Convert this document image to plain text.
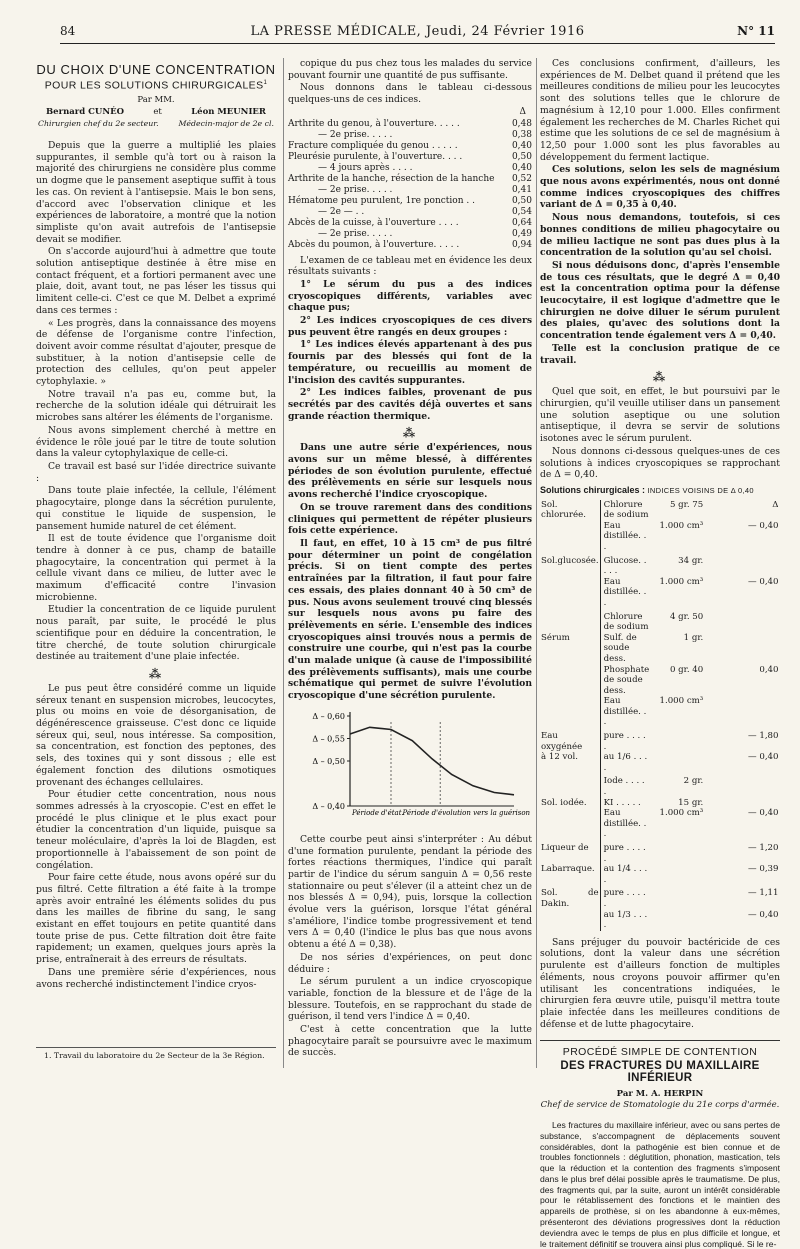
84	LA PRESSE MÉDICALE, Jeudi, 24 Février 1916	N° 11
DU CHOIX D'UNE CONCENTRATION
POUR LES SOLUTIONS CHIRURGICALES$^1$
Par MM.
Bernard CUNÉO	et	Léon MEUNIER
Chirurgien chef du 2e secteur.	Médecin-major de 2e cl.

Depuis que la guerre a multiplié les plaies suppurantes, il semble qu'à tort ou à raison la majorité des chirurgiens ne considère plus comme un dogme que le pansement aseptique suffit à tous les cas. On revient à l'antisepsie. Mais le bon sens, d'accord avec l'observation clinique et les expériences de laboratoire, a montré que la notion simpliste qu'on avait autrefois de l'antisepsie devait se modifier.

On s'accorde aujourd'hui à admettre que toute solution antiseptique destinée à être mise en contact fréquent, et a fortiori permanent avec une plaie, doit, avant tout, ne pas léser les tissus qui limitent celle-ci. C'est ce que M. Delbet a exprimé dans ces termes :

« Les progrès, dans la connaissance des moyens de défense de l'organisme contre l'infection, doivent avoir comme résultat d'ajouter, presque de substituer, à la notion d'antisepsie celle de protection des cellules, qu'on peut appeler cytophylaxie. »

Notre travail n'a pas eu, comme but, la recherche de la solution idéale qui détruirait les microbes sans altérer les éléments de l'organisme.

Nous avons simplement cherché à mettre en évidence le rôle joué par le titre de toute solution dans la valeur cytophylaxique de celle-ci.

Ce travail est basé sur l'idée directrice suivante :

Dans toute plaie infectée, la cellule, l'élément phagocytaire, plonge dans la sécrétion purulente, qui constitue le liquide de suspension, le pansement humide naturel de cet élément.

Il est de toute évidence que l'organisme doit tendre à donner à ce pus, champ de bataille phagocytaire, la concentration qui permet à la cellule vivant dans ce milieu, de lutter avec le maximum d'efficacité contre l'invasion microbienne.

Etudier la concentration de ce liquide purulent nous paraît, par suite, le procédé le plus scientifique pour en déduire la concentration, le titre cherché, de toute solution chirurgicale destinée au traitement d'une plaie infectée.

⁂

Le pus peut être considéré comme un liquide séreux tenant en suspension microbes, leucocytes, plus ou moins en voie de désorganisation, de dégénérescence graisseuse. C'est donc ce liquide séreux qui, seul, nous intéresse. Sa composition, sa concentration, est fonction des peptones, des sels, des toxines qui y sont dissous ; elle est également fonction des dilutions osmotiques provenant des échanges cellulaires.

Pour étudier cette concentration, nous nous sommes adressés à la cryoscopie. C'est en effet le procédé le plus clinique et le plus exact pour étudier la concentration d'un liquide, puisque sa teneur moléculaire, d'après la loi de Blagden, est proportionnelle à l'abaissement de son point de congélation.

Pour faire cette étude, nous avons opéré sur du pus filtré. Cette filtration a été faite à la trompe après avoir entraîné les éléments solides du pus dans les mailles de fibrine du sang, le sang existant en effet toujours en petite quantité dans toute prise de pus. Cette filtration doit être faite rapidement; un examen, quelques jours après la prise, entraînerait à des erreurs de résultats.

Dans une première série d'expériences, nous avons recherché indistinctement l'indice cryos-

1. Travail du laboratoire du 2e Secteur de la 3e Région.

copique du pus chez tous les malades du service pouvant fournir une quantité de pus suffisante.

Nous donnons dans le tableau ci-dessous quelques-uns de ces indices.

Δ
Arthrite du genou, à l'ouverture. . . . .	0,48
— 2e prise. . . . .	0,38
Fracture compliquée du genou . . . . .	0,40
Pleurésie purulente, à l'ouverture. . . .	0,50
— 4 jours après . . . .	0,40
Arthrite de la hanche, résection de la hanche	0,52
— 2e prise. . . . .	0,41
Hématome peu purulent, 1re ponction . .	0,50
— 2e — . .	0,54
Abcès de la cuisse, à l'ouverture . . . .	0,64
— 2e prise. . . . .	0,49
Abcès du poumon, à l'ouverture. . . . .	0,94

L'examen de ce tableau met en évidence les deux résultats suivants :

1° Le sérum du pus a des indices cryoscopiques différents, variables avec chaque pus;

2° Les indices cryoscopiques de ces divers pus peuvent être rangés en deux groupes :

1° Les indices élevés appartenant à des pus fournis par des blessés qui font de la température, ou recueillis au moment de l'incision des cavités suppurantes.

2° Les indices faibles, provenant de pus secrétés par des cavités déjà ouvertes et sans grande réaction thermique.

⁂

Dans une autre série d'expériences, nous avons sur un même blessé, à différentes périodes de son évolution purulente, effectué des prélèvements en série sur lesquels nous avons recherché l'indice cryoscopique.

On se trouve rarement dans des conditions cliniques qui permettent de répéter plusieurs fois cette expérience.

Il faut, en effet, 10 à 15 cm³ de pus filtré pour déterminer un point de congélation précis. Si on tient compte des pertes entraînées par la filtration, il faut pour faire ces essais, des plaies donnant 40 à 50 cm³ de pus. Nous avons seulement trouvé cinq blessés sur lesquels nous avons pu faire des prélèvements en série. L'ensemble des indices cryoscopiques ainsi trouvés nous a permis de construire une courbe, qui n'est pas la courbe d'un malade unique (à cause de l'impossibilité des prélèvements suffisants), mais une courbe schématique qui permet de suivre l'évolution cryoscopique d'une sécrétion purulente.

Δ – 0,60
Δ – 0,55
Δ – 0,50
Δ – 0,40
Période d'état.
Période d'évolution vers la guérison

Cette courbe peut ainsi s'interpréter : Au début d'une formation purulente, pendant la période des fortes réactions thermiques, l'indice qui paraît partir de l'indice du sérum sanguin Δ = 0,56 reste stationnaire ou peut s'élever (il a atteint chez un de nos blessés Δ = 0,94), puis, lorsque la collection évolue vers la guérison, lorsque l'état général s'améliore, l'indice tombe progressivement et tend vers Δ = 0,40 (l'indice le plus bas que nous avons obtenu a été Δ = 0,38).

De nos séries d'expériences, on peut donc déduire :

Le sérum purulent a un indice cryoscopique variable, fonction de la blessure et de l'âge de la blessure. Toutefois, en se rapprochant du stade de guérison, il tend vers l'indice Δ = 0,40.

C'est à cette concentration que la lutte phagocytaire paraît se poursuivre avec le maximum de succès.

Ces conclusions confirment, d'ailleurs, les expériences de M. Delbet quand il prétend que les meilleures conditions de milieu pour les leucocytes sont des solutions telles que le chlorure de magnésium à 12,10 pour 1.000. Elles confirment également les recherches de M. Charles Richet qui estime que les solutions de ce sel de magnésium à 12,50 pour 1.000 sont les plus favorables au développement du ferment lactique.

Ces solutions, selon les sels de magnésium que nous avons expérimentés, nous ont donné comme indices cryoscopiques des chiffres variant de Δ = 0,35 à 0,40.

Nous nous demandons, toutefois, si ces bonnes conditions de milieu phagocytaire ou de milieu lactique ne sont pas dues plus à la concentration de la solution qu'au sel choisi.

Si nous déduisons donc, d'après l'ensemble de tous ces résultats, que le degré Δ = 0,40 est la concentration optima pour la défense leucocytaire, il est logique d'admettre que le chirurgien ne doive diluer le sérum purulent des plaies, qu'avec des solutions dont la concentration tende également vers Δ = 0,40.

Telle est la conclusion pratique de ce travail.

⁂

Quel que soit, en effet, le but poursuivi par le chirurgien, qu'il veuille utiliser dans un pansement une solution aseptique ou une solution antiseptique, il devra se servir de solutions isotones avec le sérum purulent.

Nous donnons ci-dessous quelques-unes de ces solutions à indices cryoscopiques se rapprochant de Δ = 0,40.

Solutions chirurgicales : INDICES VOISINS DE Δ 0,40
Sol. chlorurée.	Chlorure de sodium	5 gr. 75	Δ
	Eau distillée. . .	1.000 cm³	— 0,40
Sol.glucosée.	Glucose. . . . .	34 gr.	
	Eau distillée. . .	1.000 cm³	— 0,40
	Chlorure de sodium	4 gr. 50	
Sérum	Sulf. de soude dess.	1 gr.	
	Phosphate de soude dess.	0 gr. 40	0,40
	Eau distillée. . .	1.000 cm³	
Eau oxygénée	pure . . . . .		— 1,80
à 12 vol.	au 1/6 . . . .		— 0,40
	Iode . . . . .	2 gr.	
Sol. iodée.	KI . . . . .	15 gr.	
	Eau distillée. . .	1.000 cm³	— 0,40
Liqueur de	pure . . . . .		— 1,20
Labarraque.	au 1/4 . . . .		— 0,39
Sol. de Dakin.	pure . . . . .		— 1,11
	au 1/3 . . . .		— 0,40

Sans préjuger du pouvoir bactéricide de ces solutions, dont la valeur dans une sécrétion purulente est d'ailleurs fonction de multiples éléments, nous croyons pouvoir affirmer qu'en utilisant les concentrations indiquées, le chirurgien fera œuvre utile, puisqu'il mettra toute plaie infectée dans les meilleures conditions de défense et de lutte phagocytaire.

PROCÉDÉ SIMPLE DE CONTENTION
DES FRACTURES DU MAXILLAIRE INFÉRIEUR
Par M. A. HERPIN
Chef de service de Stomatologie du 21e corps d'armée.

Les fractures du maxillaire inférieur, avec ou sans pertes de substance, s'accompagnent de déplacements souvent considérables, dont la pathogénie est bien connue et de troubles fonctionnels : déglutition, phonation, mastication, tels que la réduction et la contention des fragments s'imposent dans le plus bref délai possible après le traumatisme. De plus, des fragments qui, par la suite, auront un intérêt considérable pour le rétablissement des fonctions et le maintien des appareils de prothèse, si on les abandonne à eux-mêmes, présenteront des déviations progressives dont la réduction deviendra avec le temps de plus en plus difficile et longue, et le traitement définitif se trouvera ainsi plus compliqué. Si le re-
